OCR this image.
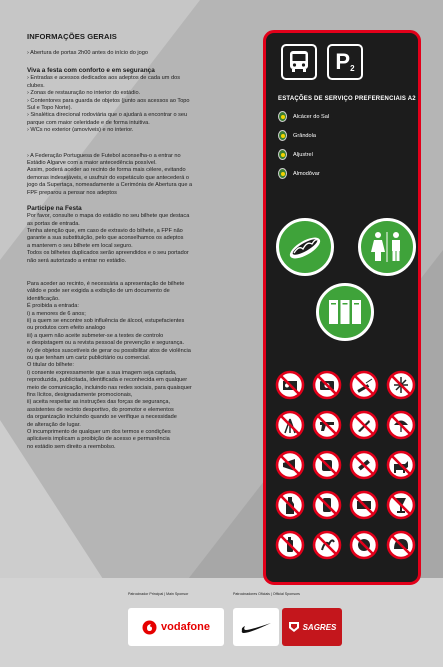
INFORMAÇÕES GERAIS
› Abertura de portas 2h00 antes do início do jogo
Viva a festa com conforto e em segurança
› Entradas e acessos dedicados aos adeptos de cada um dos
clubes.
› Zonas de restauração no interior do estádio.
› Contentores para guarda de objetos (junto aos acessos ao Topo
Sul e Topo Norte).
› Sinalética direcional rodoviária que o ajudará a encontrar o seu
parque com maior celeridade e de forma intuitiva.
› WCs no exterior (amovíveis) e no interior.
› A Federação Portuguesa de Futebol aconselha-o a entrar no
Estádio Algarve com a maior antecedência possível.
Assim, poderá aceder ao recinto de forma mais célere, evitando
demoras indesejáveis, e usufruir do espetáculo que antecederá o
jogo da Supertaça, nomeadamente a Cerimónia de Abertura que a
FPF preparou a pensar nos adeptos
Participe na Festa
Por favor, consulte o mapa do estádio no seu bilhete que destaca
as portas de entrada.
Tenha atenção que, em caso de extravio do bilhete, a FPF não
garante a sua substituição, pelo que aconselhamos os adeptos
a manterem o seu bilhete em local seguro.
Todos os bilhetes duplicados serão apreendidos e o seu portador
não será autorizado a entrar no estádio.
Para aceder ao recinto, é necessária a apresentação de bilhete
válido e pode ser exigida a exibição de um documento de
identificação.
É proibida a entrada:
i) a menores de 6 anos;
ii) a quem se encontre sob influência de álcool, estupefacientes
ou produtos com efeito analogo
iii) a quem não aceite submeter-se a testes de controlo
e despistagem ou a revista pessoal de prevenção e segurança.
iv) de objetos suscetíveis de gerar ou possibilitar atos de violência
ou que tenham um cariz publicitário ou comercial.
O titular do bilhete:
i) consente expressamente que a sua imagem seja captada,
reproduzida, publicitada, identificada e reconhecida em qualquer
meio de comunicação, incluindo nas redes sociais, para quaisquer
fins lícitos, designadamente promocionais,
ii) aceita respeitar as instruções das forças de segurança,
assistentes de recinto desportivo, do promotor e elementos
da organização incluindo quando se verifique a necessidade
de alteração de lugar.
O incumprimento de qualquer um dos termos e condições
aplicáveis implicam a proibição de acesso e permanência
no estádio sem direito a reembolso.
P 2
ESTAÇÕES DE SERVIÇO PREFERENCIAIS A2
Alcácer do Sal
Grândola
Aljustrel
Almodôvar
Patrocinador Principal | Main Sponsor	Patrocinadores Oficiais | Official Sponsors
vodafone	SAGRES
